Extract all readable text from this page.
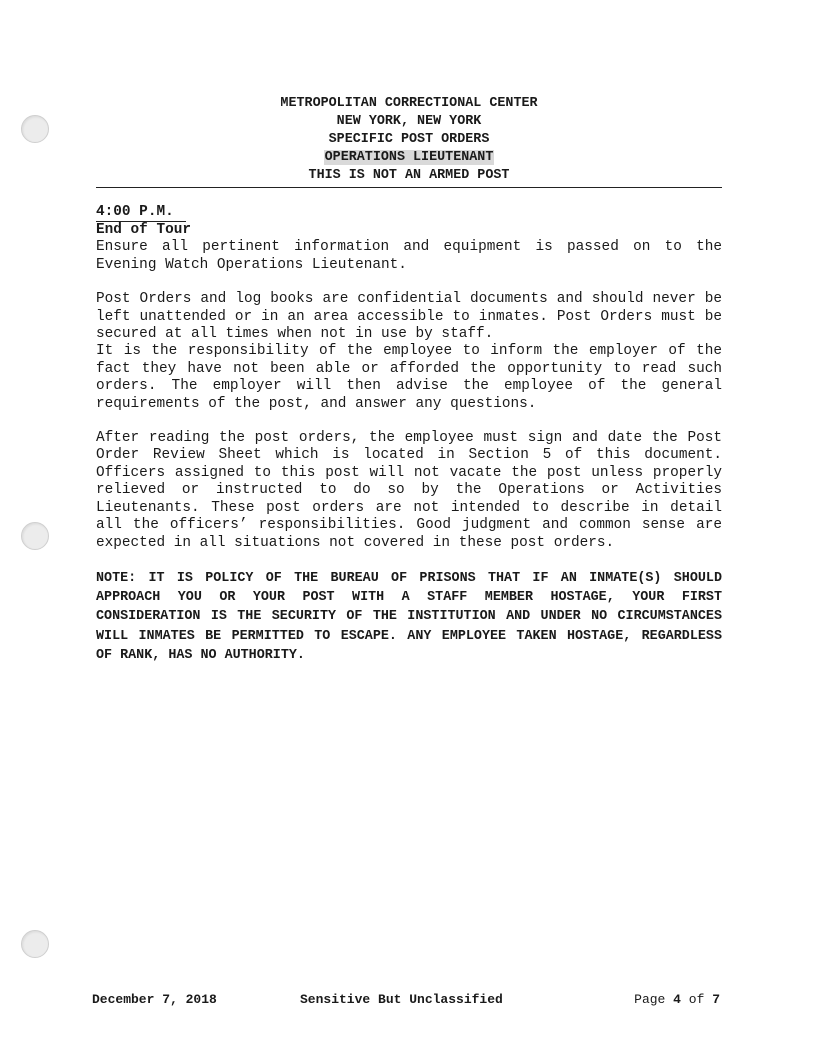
METROPOLITAN CORRECTIONAL CENTER
NEW YORK, NEW YORK
SPECIFIC POST ORDERS
OPERATIONS LIEUTENANT
THIS IS NOT AN ARMED POST
4:00 P.M.
End of Tour

Ensure all pertinent information and equipment is passed on to the Evening Watch Operations Lieutenant.

Post Orders and log books are confidential documents and should never be left unattended or in an area accessible to inmates. Post Orders must be secured at all times when not in use by staff.

It is the responsibility of the employee to inform the employer of the fact they have not been able or afforded the opportunity to read such orders. The employer will then advise the employee of the general requirements of the post, and answer any questions.

After reading the post orders, the employee must sign and date the Post Order Review Sheet which is located in Section 5 of this document. Officers assigned to this post will not vacate the post unless properly relieved or instructed to do so by the Operations or Activities Lieutenants. These post orders are not intended to describe in detail all the officers’ responsibilities. Good judgment and common sense are expected in all situations not covered in these post orders.

NOTE: IT IS POLICY OF THE BUREAU OF PRISONS THAT IF AN INMATE(S) SHOULD APPROACH YOU OR YOUR POST WITH A STAFF MEMBER HOSTAGE, YOUR FIRST CONSIDERATION IS THE SECURITY OF THE INSTITUTION AND UNDER NO CIRCUMSTANCES WILL INMATES BE PERMITTED TO ESCAPE. ANY EMPLOYEE TAKEN HOSTAGE, REGARDLESS OF RANK, HAS NO AUTHORITY.

December 7, 2018	Sensitive But Unclassified	Page 4 of 7
